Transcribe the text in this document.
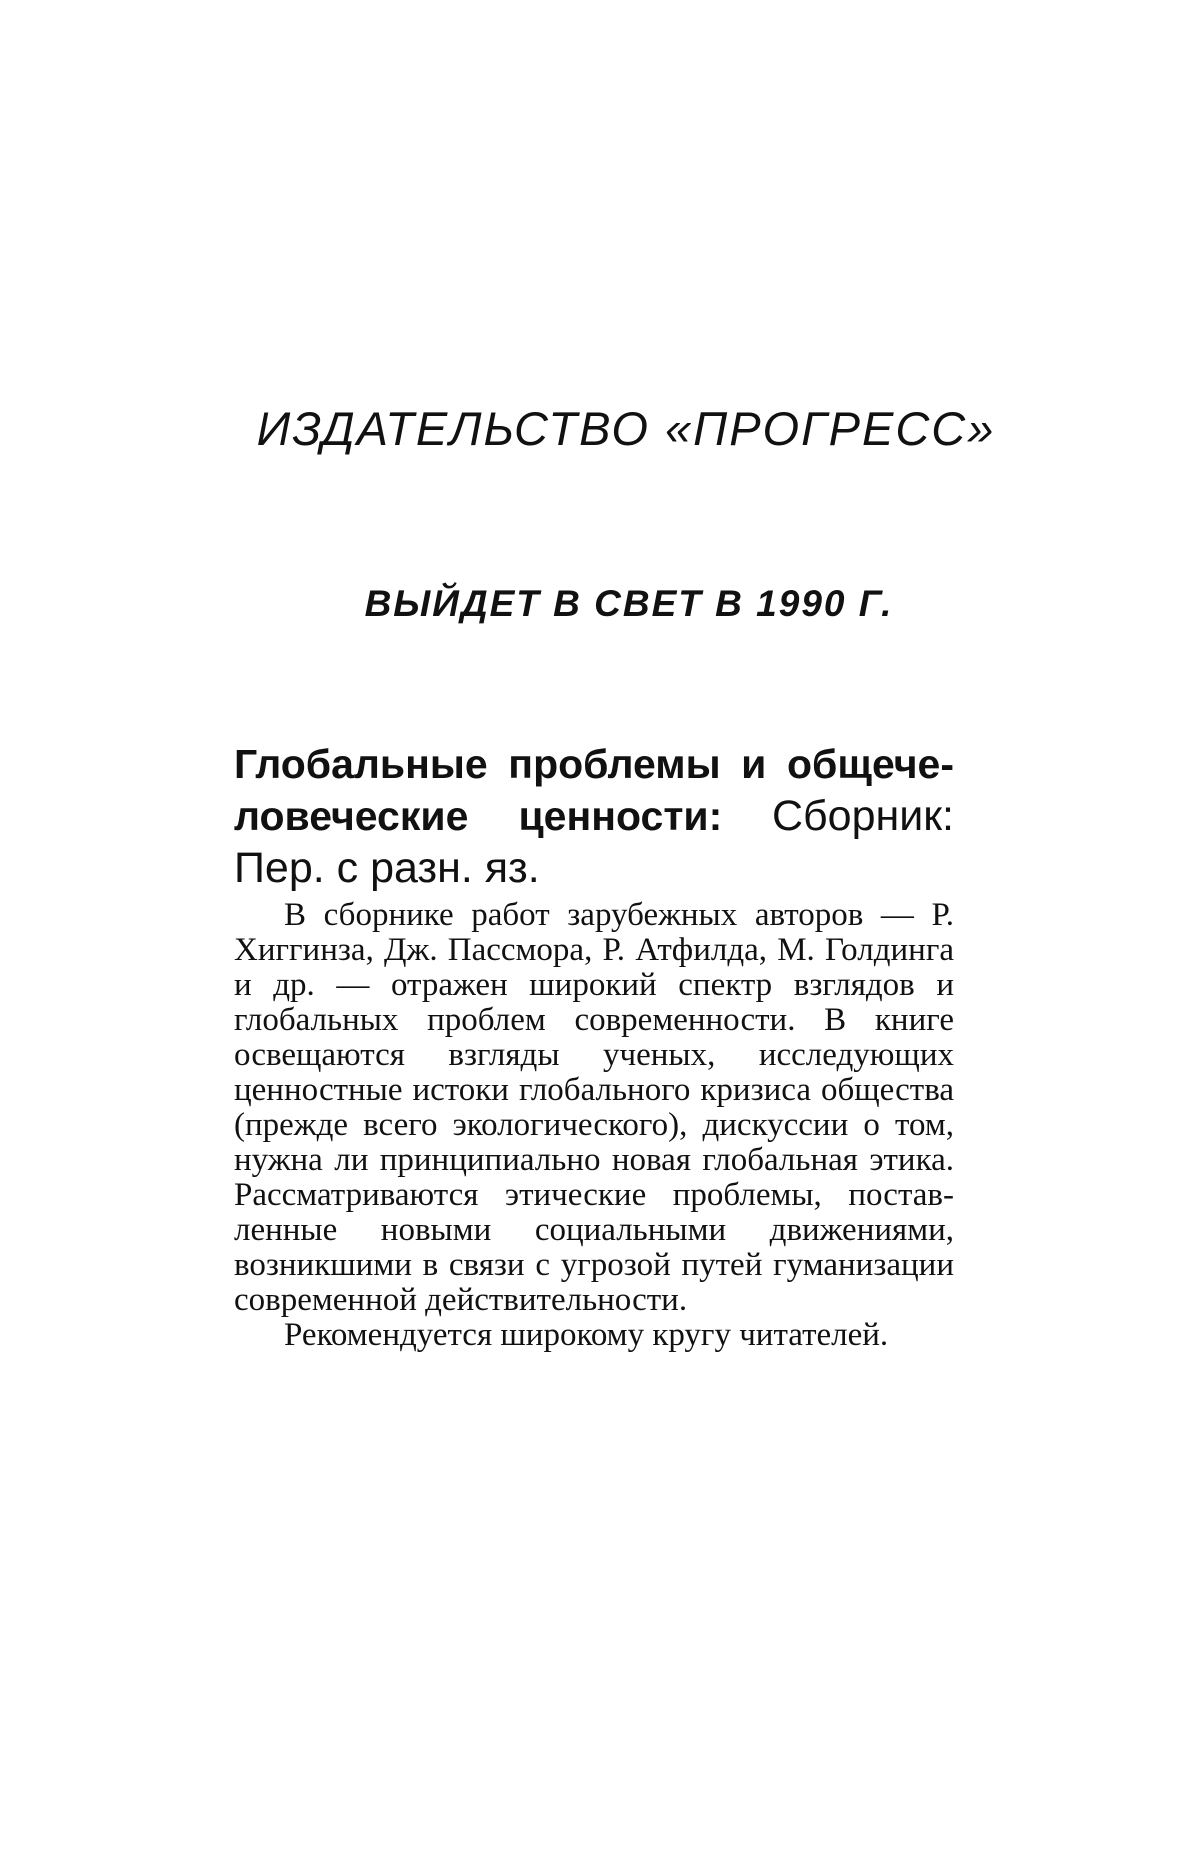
ИЗДАТЕЛЬСТВО «ПРОГРЕСС»
ВЫЙДЕТ В СВЕТ В 1990 Г.
Глобальные проблемы и общечеловеческие ценности: Сборник: Пер. с разн. яз.

В сборнике работ зарубежных авторов — Р. Хиггинза, Дж. Пассмора, Р. Атфилда, М. Голдинга и др. — отражен широкий спектр взглядов и глобальных проблем современности. В книге освещаются взгляды ученых, исследующих ценностные истоки глобального кризиса общества (прежде всего экологического), дискуссии о том, нужна ли принципиально новая глобальная этика. Рассматриваются этические проблемы, поставленные новыми социальными движениями, возникшими в связи с угрозой путей гуманизации современной действительности.

Рекомендуется широкому кругу читателей.
